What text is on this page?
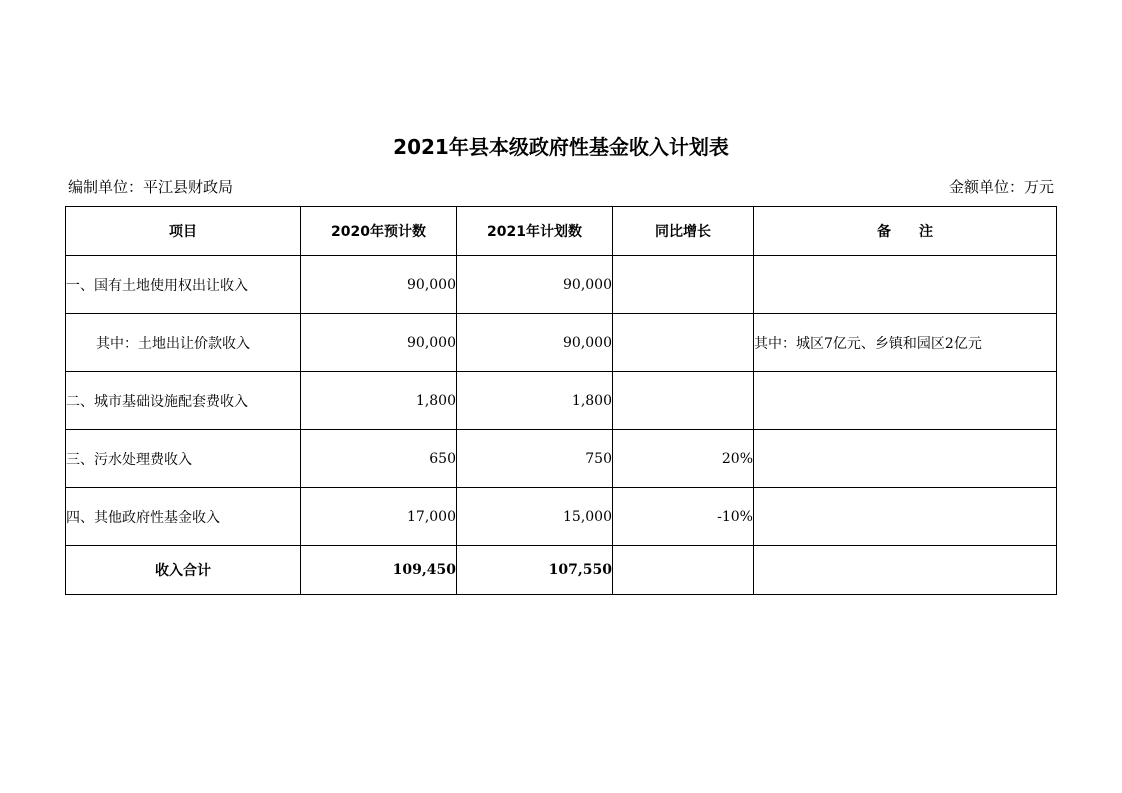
2021年县本级政府性基金收入计划表
编制单位：平江县财政局	金额单位：万元
项目	2020年预计数	2021年计划数	同比增长	备注
一、国有土地使用权出让收入	90,000	90,000		
其中：土地出让价款收入	90,000	90,000		其中：城区7亿元、乡镇和园区2亿元
二、城市基础设施配套费收入	1,800	1,800		
三、污水处理费收入	650	750	20%	
四、其他政府性基金收入	17,000	15,000	-10%	
收入合计	109,450	107,550		
